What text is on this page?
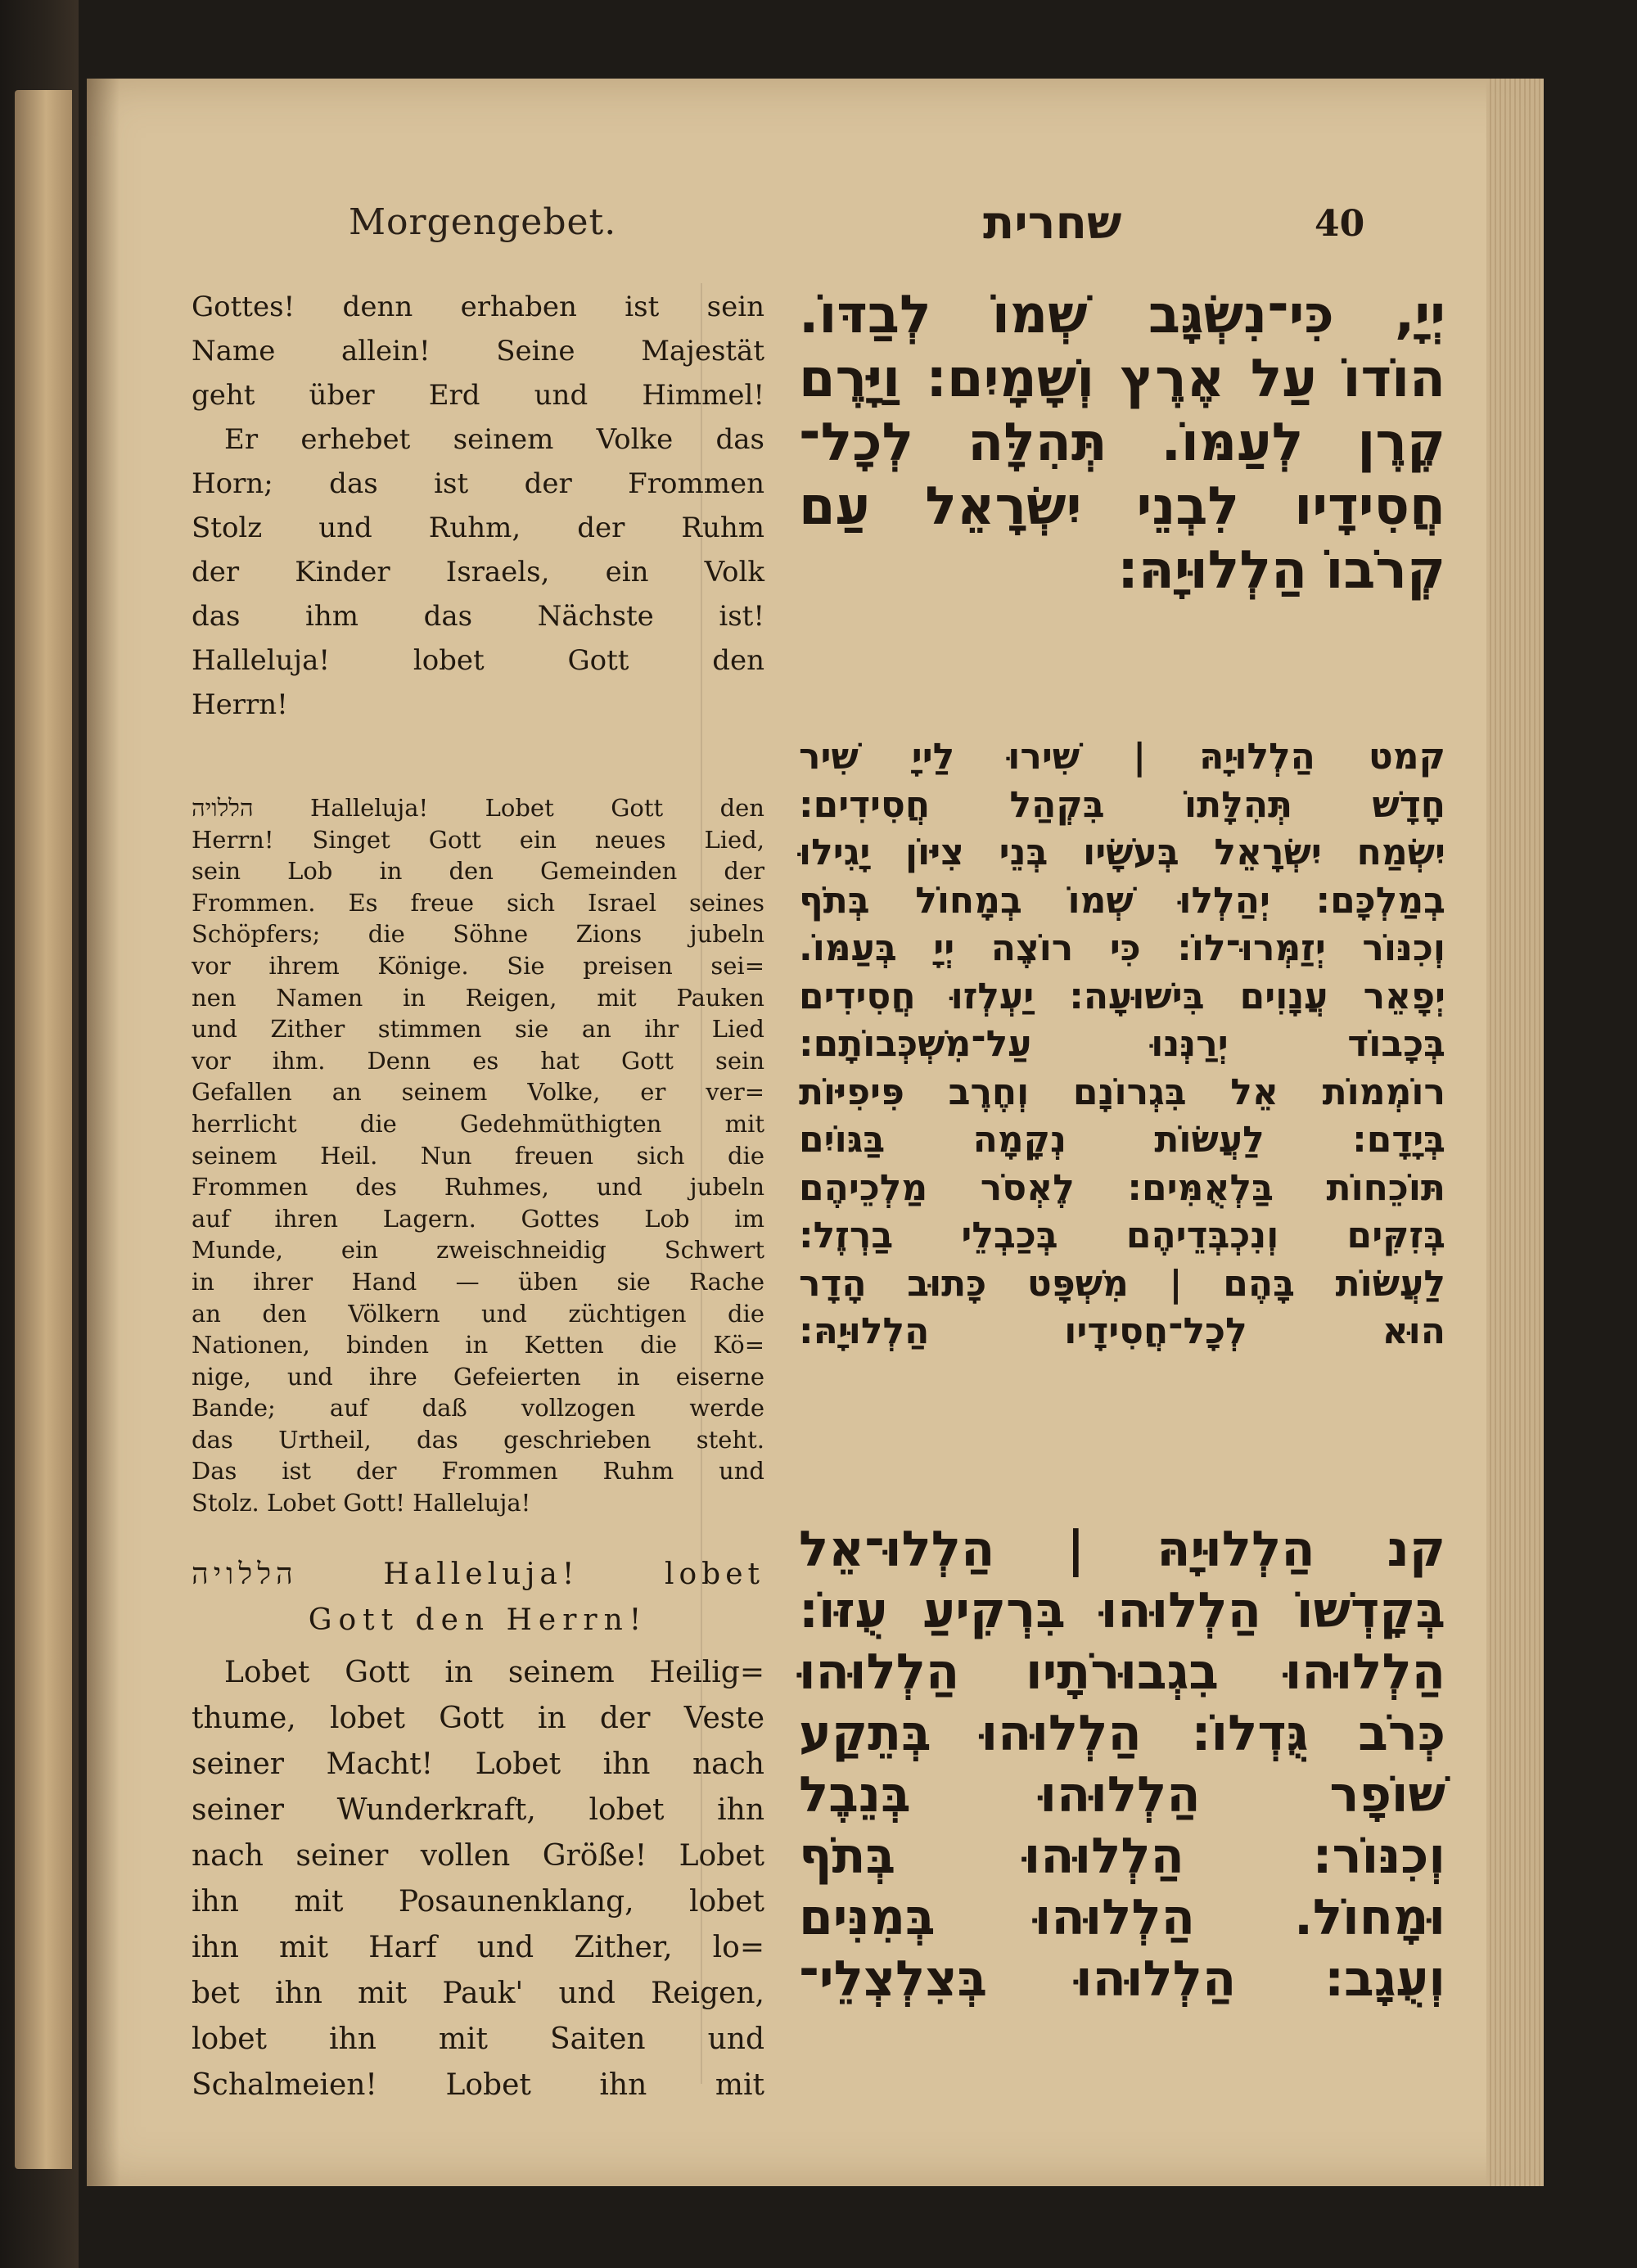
Morgengebet.	שחרית	40

Gottes! denn erhaben ist sein

Name allein! Seine Majestät

geht über Erd und Himmel!

Er erhebet seinem Volke das

Horn; das ist der Frommen

Stolz und Ruhm, der Ruhm

der Kinder Israels, ein Volk

das ihm das Nächste ist!

Halleluja! lobet Gott den

Herrn!

הללויה Halleluja! Lobet Gott den

Herrn! Singet Gott ein neues Lied,

sein Lob in den Gemeinden der

Frommen. Es freue sich Israel seines

Schöpfers; die Söhne Zions jubeln

vor ihrem Könige. Sie preisen sei=

nen Namen in Reigen, mit Pauken

und Zither stimmen sie an ihr Lied

vor ihm. Denn es hat Gott sein

Gefallen an seinem Volke, er ver=

herrlicht die Gedehmüthigten mit

seinem Heil. Nun freuen sich die

Frommen des Ruhmes, und jubeln

auf ihren Lagern. Gottes Lob im

Munde, ein zweischneidig Schwert

in ihrer Hand — üben sie Rache

an den Völkern und züchtigen die

Nationen, binden in Ketten die Kö=

nige, und ihre Gefeierten in eiserne

Bande; auf daß vollzogen werde

das Urtheil, das geschrieben steht.

Das ist der Frommen Ruhm und

Stolz. Lobet Gott! Halleluja!

הללויה Halleluja! lobet

Gott den Herrn!

Lobet Gott in seinem Heilig=

thume, lobet Gott in der Veste

seiner Macht! Lobet ihn nach

seiner Wunderkraft, lobet ihn

nach seiner vollen Größe! Lobet

ihn mit Posaunenklang, lobet

ihn mit Harf und Zither, lo=

bet ihn mit Pauk' und Reigen,

lobet ihn mit Saiten und

Schalmeien! Lobet ihn mit

יְיָ, כִּי־נִשְׂגָּב שְׁמוֹ לְבַדּוֹ.

הוֹדוֹ עַל אֶרֶץ וְשָׁמָיִם: וַיָּרֶם

קֶרֶן לְעַמּוֹ. תְּהִלָּה לְכָל־

חֲסִידָיו לִבְנֵי יִשְׂרָאֵל עַם

קְרֹבוֹ הַלְלוּיָהּ:

קמט הַלְלוּיָהּ | שִׁירוּ לַייָ שִׁיר

חָדָשׁ תְּהִלָּתוֹ בִּקְהַל חֲסִידִים:

יִשְׂמַח יִשְׂרָאֵל בְּעֹשָׂיו בְּנֵי צִיּוֹן יָגִילוּ

בְמַלְכָּם: יְהַלְלוּ שְׁמוֹ בְמָחוֹל בְּתֹף

וְכִנּוֹר יְזַמְּרוּ־לוֹ: כִּי רוֹצֶה יְיָ בְּעַמּוֹ.

יְפָאֵר עֲנָוִים בִּישׁוּעָה: יַעְלְזוּ חֲסִידִים

בְּכָבוֹד יְרַנְּנוּ עַל־מִשְׁכְּבוֹתָם:

רוֹמְמוֹת אֵל בִּגְרוֹנָם וְחֶרֶב פִּיפִיּוֹת

בְּיָדָם: לַעֲשׂוֹת נְקָמָה בַּגּוֹיִם

תּוֹכֵחוֹת בַּלְאֻמִּים: לֶאְסֹר מַלְכֵיהֶם

בְּזִקִּים וְנִכְבְּדֵיהֶם בְּכַבְלֵי בַרְזֶל:

לַעֲשׂוֹת בָּהֶם | מִשְׁפָּט כָּתוּב הָדָר

הוּא לְכָל־חֲסִידָיו הַלְלוּיָהּ:

קנ הַלְלוּיָהּ | הַלְלוּ־אֵל

בְּקָדְשׁוֹ הַלְלוּהוּ בִּרְקִיעַ עֻזּוֹ:

הַלְלוּהוּ בִגְבוּרֹתָיו הַלְלוּהוּ

כְּרֹב גֻּדְלוֹ: הַלְלוּהוּ בְּתֵקַע

שׁוֹפָר הַלְלוּהוּ בְּנֵבֶל

וְכִנּוֹר: הַלְלוּהוּ בְּתֹף

וּמָחוֹל. הַלְלוּהוּ בְּמִנִּים

וְעֻגָב: הַלְלוּהוּ בְּצִלְצְלֵי־
